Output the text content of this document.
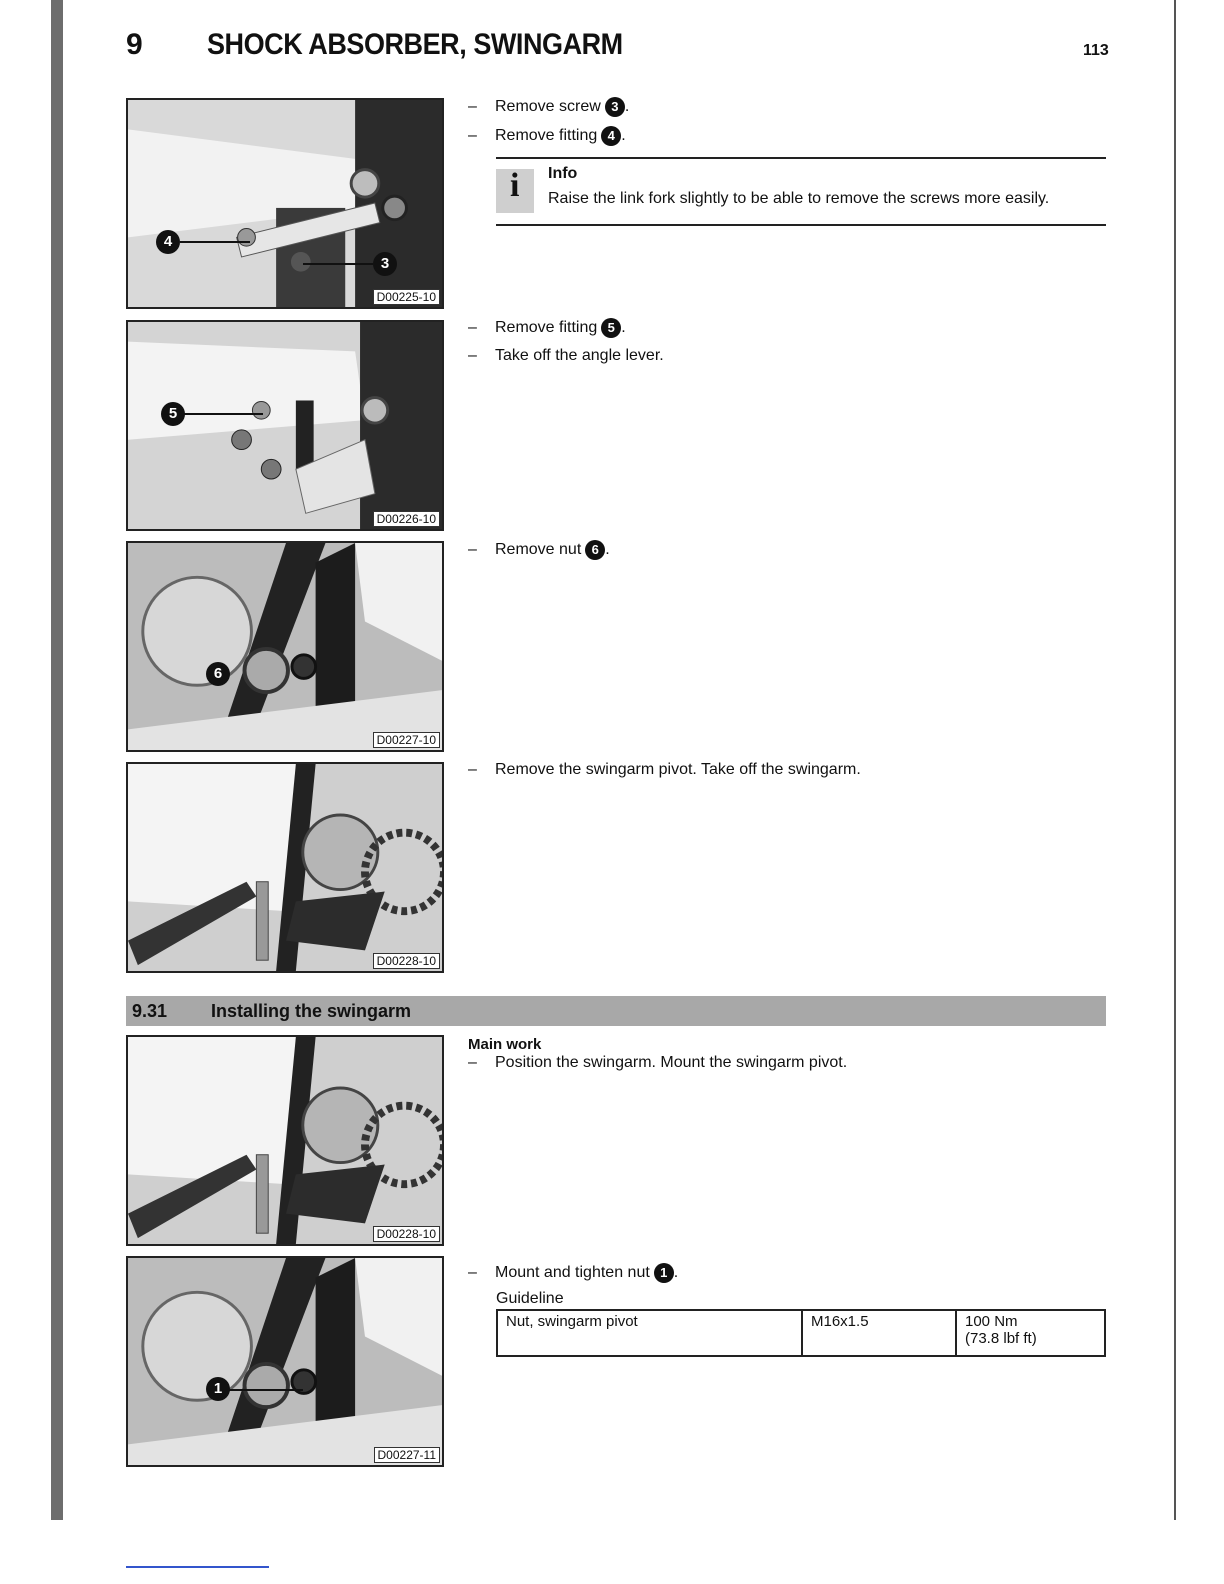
9 SHOCK ABSORBER, SWINGARM	113
4
3
D00225-10
5
D00226-10
6
D00227-10
D00228-10
D00228-10
1
D00227-11
– Remove screw 3 .
– Remove fitting 4 .
i Info
Raise the link fork slightly to be able to remove the screws more easily.
– Remove fitting 5 .
– Take off the angle lever.
– Remove nut 6 .
– Remove the swingarm pivot. Take off the swingarm.
9.31 Installing the swingarm
Main work
– Position the swingarm. Mount the swingarm pivot.
– Mount and tighten nut 1 .
Guideline
Nut, swingarm pivot	M16x1.5	100 Nm
(73.8 lbf ft)
